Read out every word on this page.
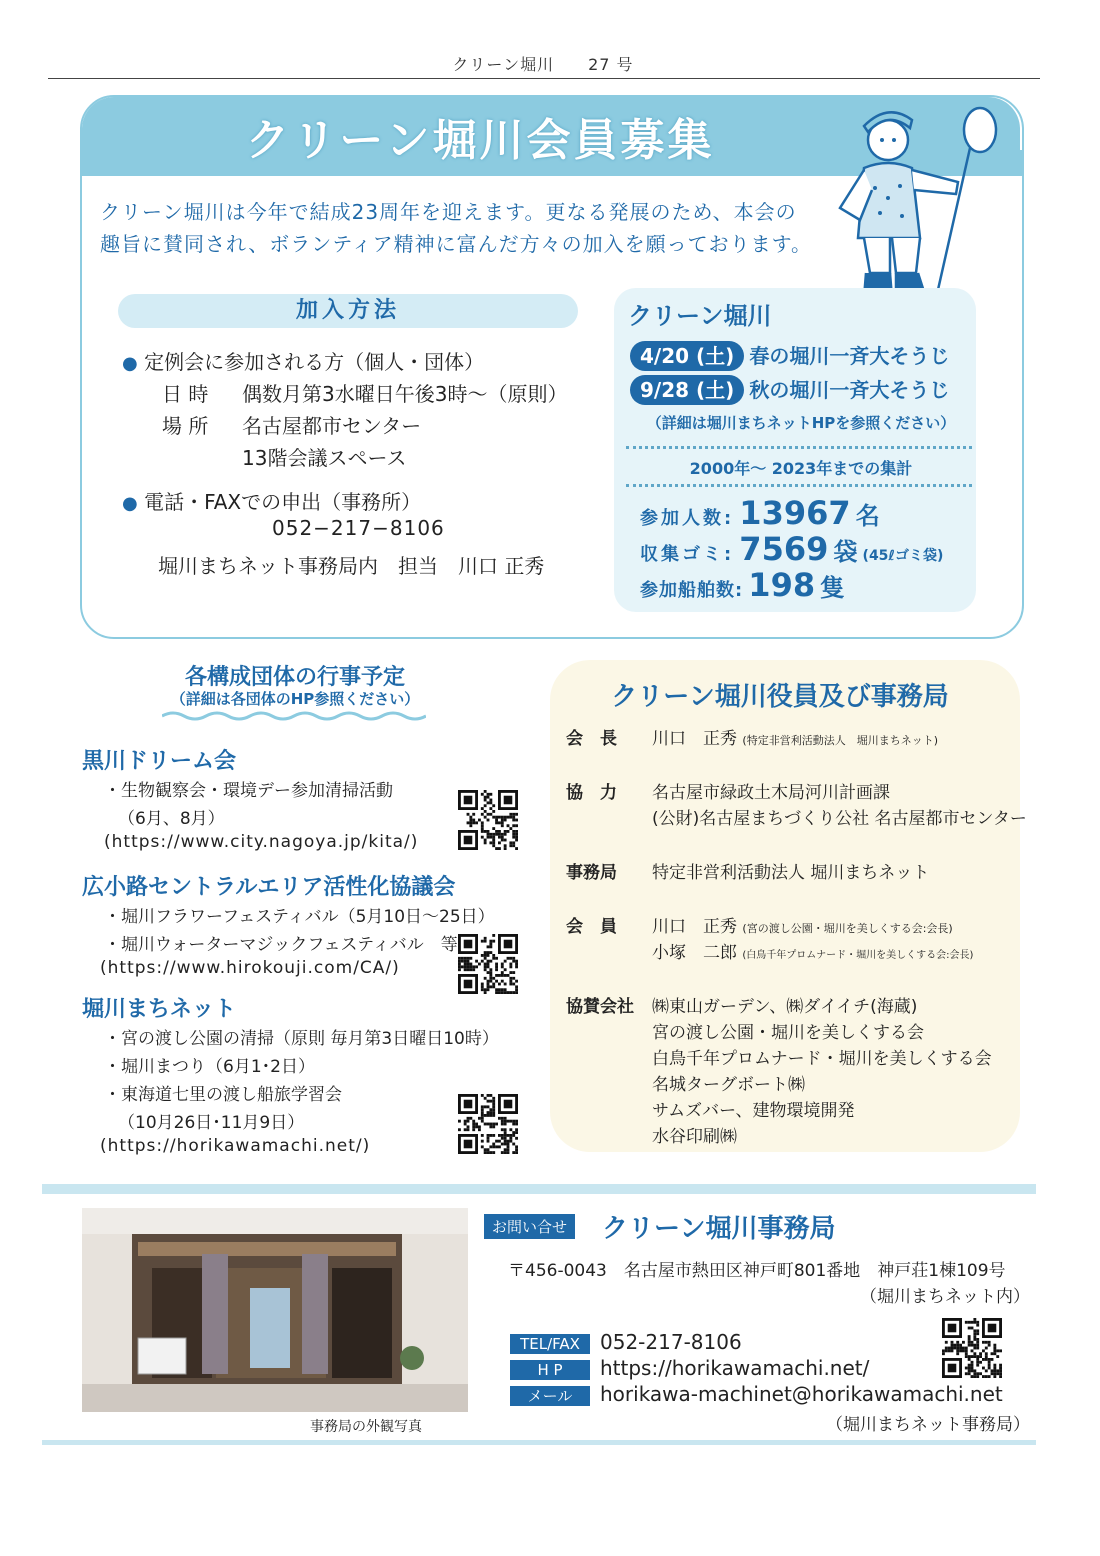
クリーン堀川　　27 号
クリーン堀川会員募集
クリーン堀川は今年で結成23周年を迎えます。更なる発展のため、本会の
趣旨に賛同され、ボランティア精神に富んだ方々の加入を願っております。
加入方法
● 定例会に参加される方（個人・団体）
日 時 偶数月第3水曜日午後3時～（原則）
場 所 名古屋都市センター
13階会議スペース
● 電話・FAXでの申出（事務所）
052−217−8106
堀川まちネット事務局内　担当　川口 正秀
クリーン堀川
4/20 (土) 春の堀川一斉大そうじ
9/28 (土) 秋の堀川一斉大そうじ
（詳細は堀川まちネットHPを参照ください）
2000年～ 2023年までの集計
参加人数: 13967 名
収集ゴミ: 7569 袋 (45ℓゴミ袋)
参加船舶数: 198 隻
各構成団体の行事予定
（詳細は各団体のHP参照ください）
黒川ドリーム会
・生物観察会・環境デー参加清掃活動
（6月、8月）
(https://www.city.nagoya.jp/kita/)
広小路セントラルエリア活性化協議会
・堀川フラワーフェスティバル（5月10日～25日）
・堀川ウォーターマジックフェスティバル　等
(https://www.hirokouji.com/CA/)
堀川まちネット
・宮の渡し公園の清掃（原則 毎月第3日曜日10時）
・堀川まつり（6月1･2日）
・東海道七里の渡し船旅学習会
（10月26日･11月9日）
(https://horikawamachi.net/)
クリーン堀川役員及び事務局
会　長 川口　正秀 (特定非営利活動法人　堀川まちネット)
協　力 名古屋市緑政土木局河川計画課
(公財)名古屋まちづくり公社 名古屋都市センター
事務局 特定非営利活動法人 堀川まちネット
会　員 川口　正秀 (宮の渡し公園・堀川を美しくする会:会長)
小塚　二郎 (白鳥千年プロムナード・堀川を美しくする会:会長)
協賛会社 ㈱東山ガーデン、㈱ダイイチ(海蔵)
宮の渡し公園・堀川を美しくする会
白鳥千年プロムナード・堀川を美しくする会
名城ターグボート㈱
サムズバー、建物環境開発
水谷印刷㈱
事務局の外観写真
お問い合せ	クリーン堀川事務局
〒456-0043　名古屋市熱田区神戸町801番地　神戸荘1棟109号
（堀川まちネット内）
TEL/FAX	052-217-8106
H P	https://horikawamachi.net/
メール	horikawa-machinet@horikawamachi.net
（堀川まちネット事務局）
